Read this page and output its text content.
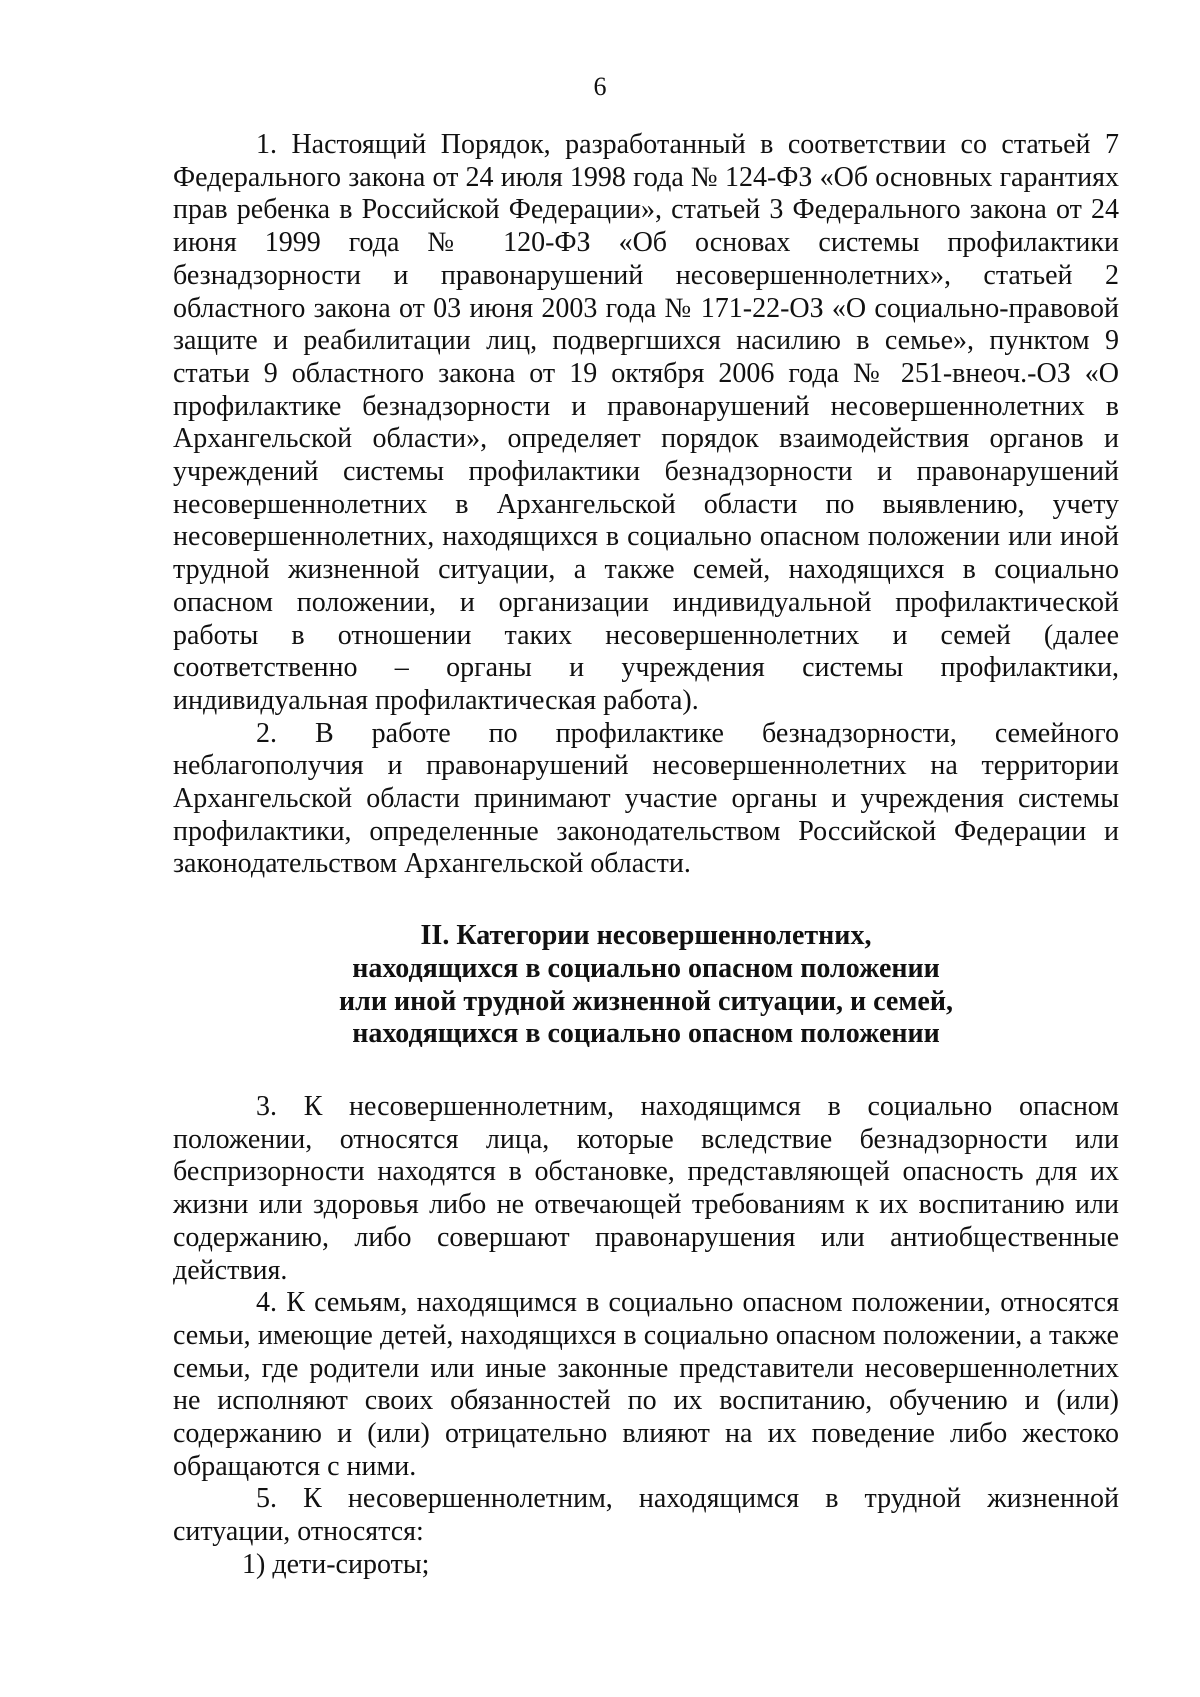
6

1. Настоящий Порядок, разработанный в соответствии со статьей 7 Федерального закона от 24 июля 1998 года № 124-ФЗ «Об основных гарантиях прав ребенка в Российской Федерации», статьей 3 Федерального закона от 24 июня 1999 года № 120-ФЗ «Об основах системы профилактики безнадзорности и правонарушений несовершеннолетних», статьей 2 областного закона от 03 июня 2003 года № 171-22-ОЗ «О социально-правовой защите и реабилитации лиц, подвергшихся насилию в семье», пунктом 9 статьи 9 областного закона от 19 октября 2006 года № 251-внеоч.-ОЗ «О профилактике безнадзорности и правонарушений несовершеннолетних в Архангельской области», определяет порядок взаимодействия органов и учреждений системы профилактики безнадзорности и правонарушений несовершеннолетних в Архангельской области по выявлению, учету несовершеннолетних, находящихся в социально опасном положении или иной трудной жизненной ситуации, а также семей, находящихся в социально опасном положении, и организации индивидуальной профилактической работы в отношении таких несовершеннолетних и семей (далее соответственно – органы и учреждения системы профилактики, индивидуальная профилактическая работа).

2. В работе по профилактике безнадзорности, семейного неблагополучия и правонарушений несовершеннолетних на территории Архангельской области принимают участие органы и учреждения системы профилактики, определенные законодательством Российской Федерации и законодательством Архангельской области.

II. Категории несовершеннолетних,
находящихся в социально опасном положении
или иной трудной жизненной ситуации, и семей,
находящихся в социально опасном положении

3. К несовершеннолетним, находящимся в социально опасном положении, относятся лица, которые вследствие безнадзорности или беспризорности находятся в обстановке, представляющей опасность для их жизни или здоровья либо не отвечающей требованиям к их воспитанию или содержанию, либо совершают правонарушения или антиобщественные действия.

4. К семьям, находящимся в социально опасном положении, относятся семьи, имеющие детей, находящихся в социально опасном положении, а также семьи, где родители или иные законные представители несовершеннолетних не исполняют своих обязанностей по их воспитанию, обучению и (или) содержанию и (или) отрицательно влияют на их поведение либо жестоко обращаются с ними.

5. К несовершеннолетним, находящимся в трудной жизненной ситуации, относятся:

1) дети-сироты;
